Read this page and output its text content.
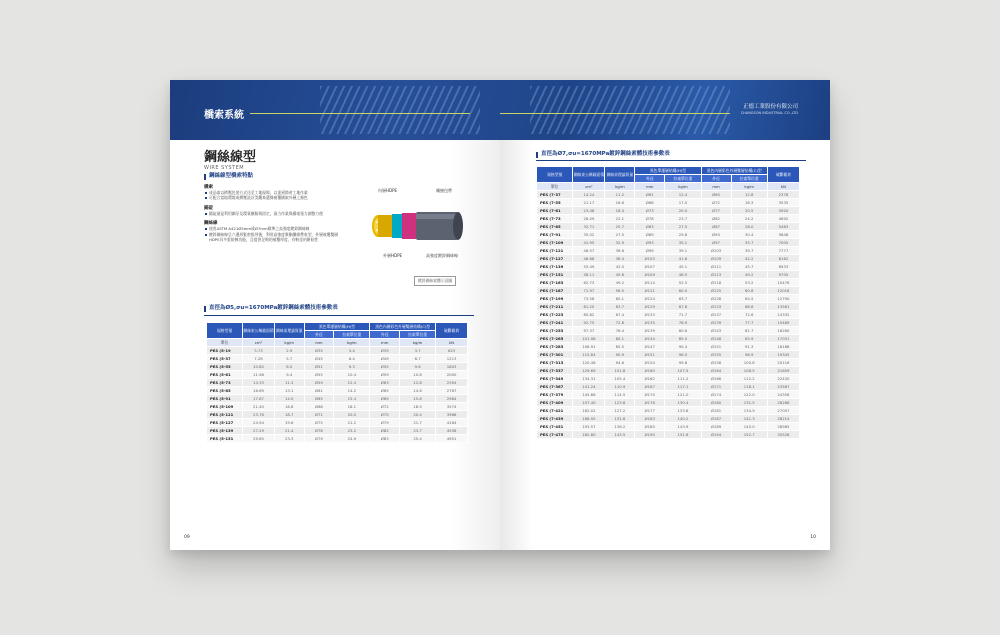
橋索系統
正德工業股份有限公司
CHANGSON INDUSTRIAL CO.,LTD
鋼絲線型
WIRE SYSTEM
鋼絲線型橋索特點
橋索
成品索以擠壓包裝方式送至工地現場，以達到節省工地作業
可配合當地環境或擠壓設計美觀來選擇被覆橋索外層之顏色
錨碇
錨碇頭是利用鋼牙及環氧樹脂與固定，預力作業與橋索張力調整力便
鋼絲線
使用ASTM A421Ø5mm或Ø7mm標準之高強度鍍鋅鋼絲線
鍍鋅鋼絲線呈六邊形緊密排列後，利用高強度聚酯纖維帶收型，外層被覆雙層HDPE具多重防蝕功能，且提供足夠的被覆厚度，有較佳的耐候性
內層HDPE	纏繞包帶
外層HDPE	高強度鍍鋅鋼絲線
鍍鋅鋼絲索體示意圖
直徑為Ø5,σu=1670MPa鍍鋅鋼絲索體技術參數表
規格型號	鋼絲束公稱截面積	鋼絲束理論質量	黑色單護層結構(H)型		黑色內層彩色外層雙層結構(C)型		破斷載荷
			外徑	拉索單位重	外徑	拉索單位重	
單位	cm²	kg/m	mm	kg/m	mm	kg/m	kN
PES (5-19	3.73	2.9	Ø35	3.4	Ø39	3.7	623
PES (5-37	7.26	5.7	Ø45	6.4	Ø49	6.7	1213
PES (5-55	10.80	8.5	Ø51	9.3	Ø55	9.6	1803
PES (5-61	11.98	9.4	Ø55	10.4	Ø59	10.8	2000
PES (5-73	14.33	11.3	Ø59	12.4	Ø63	12.8	2394
PES (5-85	16.69	13.1	Ø61	14.2	Ø65	14.6	2787
PES (5-91	17.87	14.0	Ø65	15.4	Ø69	15.8	2984
PES (5-109	21.40	16.8	Ø68	18.1	Ø72	18.5	3574
PES (5-121	23.76	18.7	Ø71	20.0	Ø75	20.4	3968
PES (5-127	24.94	19.6	Ø75	21.2	Ø79	21.7	4164
PES (5-139	27.29	21.4	Ø78	23.2	Ø82	23.7	4558
PES (5-151	29.65	23.3	Ø79	24.9	Ø83	25.4	4951
直徑為Ø7,σu=1670MPa鍍鋅鋼絲索體技術參數表
規格型號	鋼絲束公稱截面積	鋼絲束理論質量	黑色單護層結構(H)型		黑色內層彩色外層雙層結構(C)型		破斷載荷
			外徑	拉索單位重	外徑	拉索單位重	
單位	cm²	kg/m	mm	kg/m	mm	kg/m	kN
PES (7-37	14.24	11.2	Ø61	12.4	Ø65	12.8	2378
PES (7-55	21.17	16.6	Ø68	17.0	Ø72	18.3	3535
PES (7-61	23.48	18.4	Ø73	20.0	Ø77	20.5	3920
PES (7-73	28.09	22.1	Ø78	23.7	Ø82	24.2	4692
PES (7-85	32.71	25.7	Ø83	27.5	Ø87	28.0	5463
PES (7-91	35.02	27.5	Ø89	29.8	Ø93	30.4	5848
PES (7-109	41.95	32.9	Ø93	35.1	Ø97	35.7	7005
PES (7-121	46.57	36.6	Ø99	39.1	Ø103	39.7	7777
PES (7-127	48.88	38.4	Ø105	41.6	Ø109	42.2	8162
PES (7-139	53.49	42.0	Ø107	45.1	Ø111	45.7	8933
PES (7-151	58.11	45.6	Ø109	48.5	Ø113	49.2	9705
PES (7-163	62.73	49.2	Ø114	52.5	Ø118	53.2	10476
PES (7-187	71.97	56.5	Ø121	60.0	Ø125	60.8	12018
PES (7-199	73.58	60.1	Ø124	63.7	Ø128	64.5	12790
PES (7-211	81.20	63.7	Ø129	67.8	Ø133	68.6	13561
PES (7-223	85.82	67.4	Ø133	71.7	Ø137	72.6	14332
PES (7-241	92.75	72.8	Ø135	76.9	Ø139	77.7	15489
PES (7-253	97.37	76.4	Ø139	80.8	Ø143	81.7	16260
PES (7-265	101.98	80.1	Ø144	85.0	Ø148	85.9	17031
PES (7-283	108.91	85.5	Ø147	90.4	Ø151	91.3	18188
PES (7-301	115.84	90.9	Ø151	96.0	Ø155	96.9	19345
PES (7-313	120.46	94.6	Ø154	99.8	Ø158	100.8	20116
PES (7-337	129.69	101.8	Ø160	107.5	Ø164	108.5	21659
PES (7-349	134.31	105.4	Ø162	111.2	Ø166	112.2	22430
PES (7-367	141.24	110.9	Ø167	117.1	Ø171	118.1	23587
PES (7-379	145.86	114.5	Ø170	121.0	Ø174	122.0	24358
PES (7-409	157.40	123.6	Ø176	130.4	Ø180	131.5	26286
PES (7-421	162.02	127.2	Ø177	133.8	Ø181	134.9	27057
PES (7-439	168.95	132.6	Ø183	140.2	Ø187	141.3	28214
PES (7-451	193.57	136.2	Ø185	143.9	Ø189	145.0	28985
PES (7-475	182.80	143.5	Ø190	151.6	Ø194	152.7	30528
09	10
